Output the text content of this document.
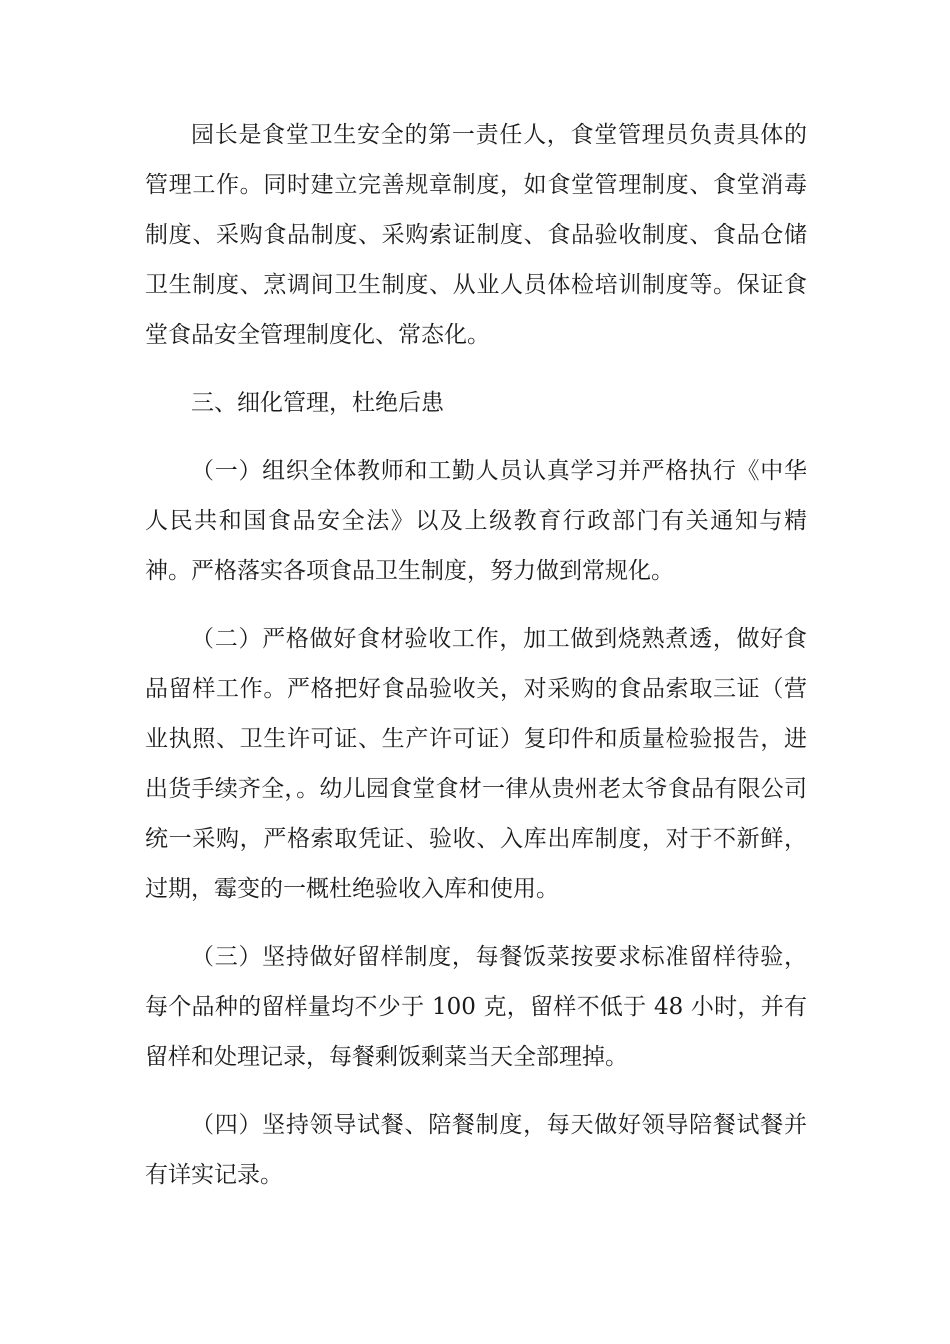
园长是食堂卫生安全的第一责任人，食堂管理员负责具体的管理工作。同时建立完善规章制度，如食堂管理制度、食堂消毒制度、采购食品制度、采购索证制度、食品验收制度、食品仓储卫生制度、烹调间卫生制度、从业人员体检培训制度等。保证食堂食品安全管理制度化、常态化。

三、细化管理，杜绝后患

（一）组织全体教师和工勤人员认真学习并严格执行《中华人民共和国食品安全法》以及上级教育行政部门有关通知与精神。严格落实各项食品卫生制度，努力做到常规化。

（二）严格做好食材验收工作，加工做到烧熟煮透，做好食品留样工作。严格把好食品验收关，对采购的食品索取三证（营业执照、卫生许可证、生产许可证）复印件和质量检验报告，进出货手续齐全，。幼儿园食堂食材一律从贵州老太爷食品有限公司统一采购，严格索取凭证、验收、入库出库制度，对于不新鲜，过期，霉变的一概杜绝验收入库和使用。

（三）坚持做好留样制度，每餐饭菜按要求标准留样待验，每个品种的留样量均不少于 100 克，留样不低于 48 小时，并有留样和处理记录，每餐剩饭剩菜当天全部理掉。

（四）坚持领导试餐、陪餐制度，每天做好领导陪餐试餐并有详实记录。
